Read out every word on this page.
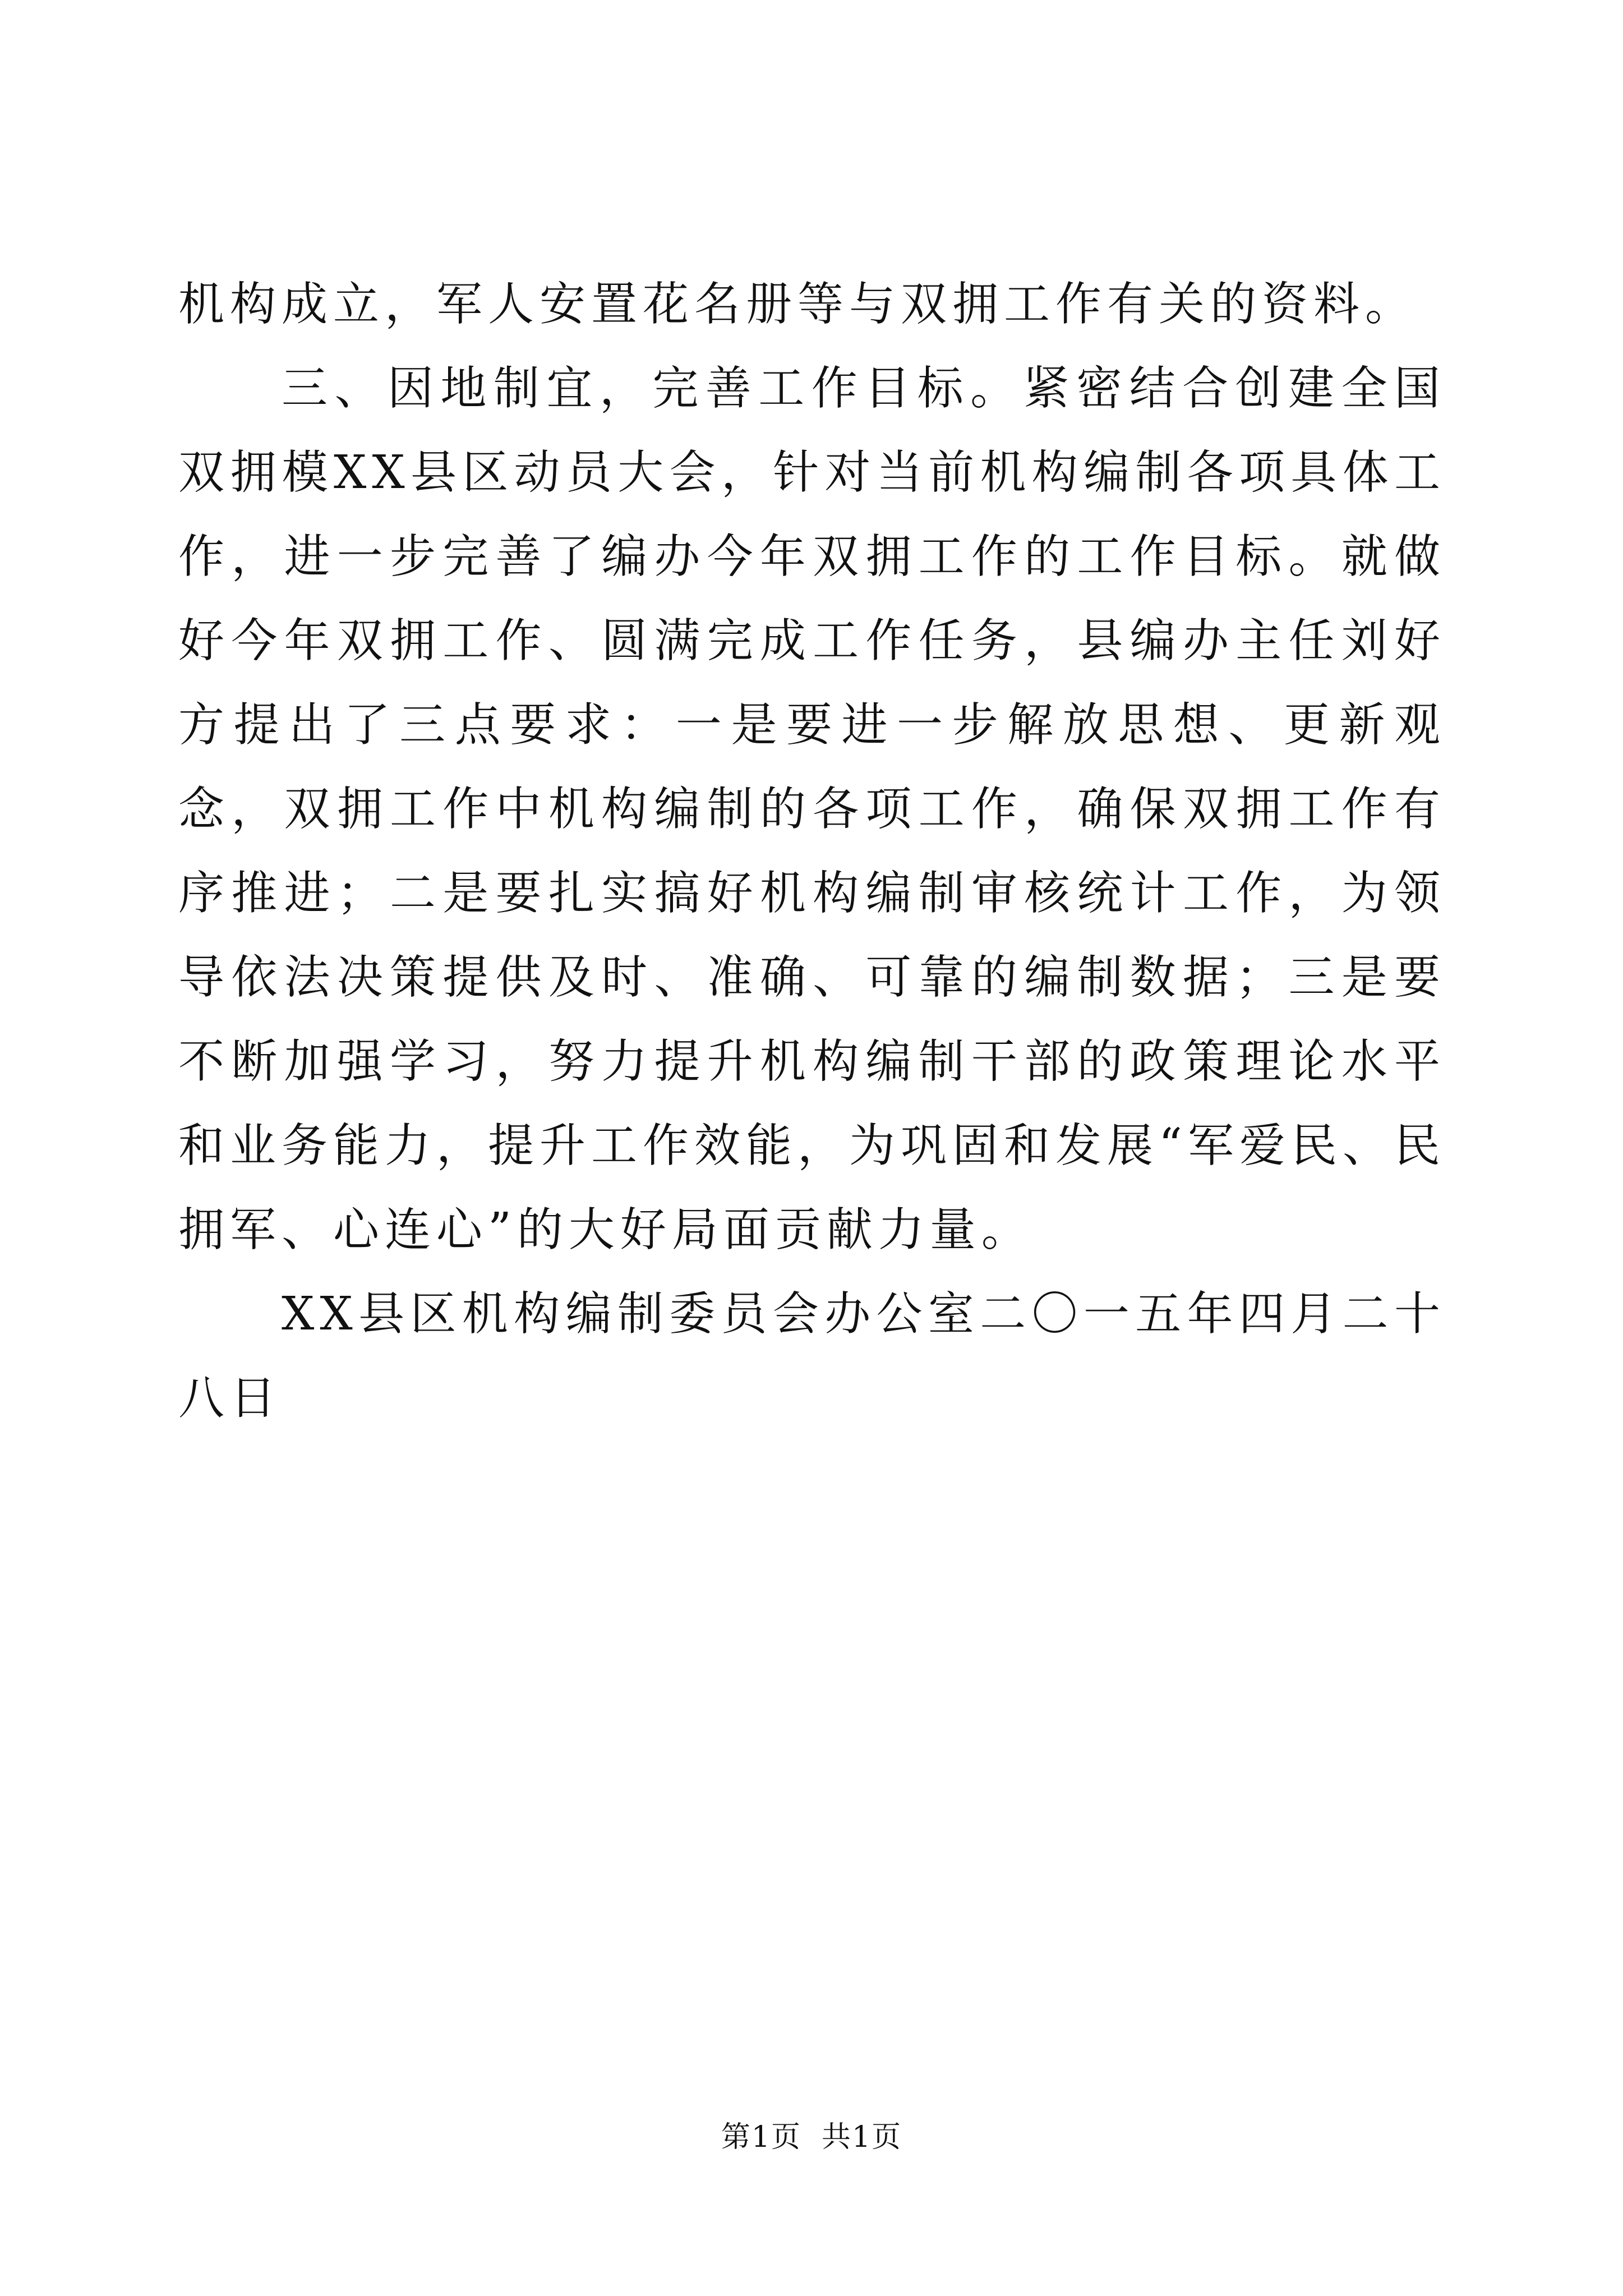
机构成立，军人安置花名册等与双拥工作有关的资料。

三、因地制宜，完善工作目标。紧密结合创建全国双拥模XX县区动员大会，针对当前机构编制各项具体工作，进一步完善了编办今年双拥工作的工作目标。就做好今年双拥工作、圆满完成工作任务，县编办主任刘好方提出了三点要求：一是要进一步解放思想、更新观念，双拥工作中机构编制的各项工作，确保双拥工作有序推进；二是要扎实搞好机构编制审核统计工作，为领导依法决策提供及时、准确、可靠的编制数据；三是要不断加强学习，努力提升机构编制干部的政策理论水平和业务能力，提升工作效能，为巩固和发展“军爱民、民拥军、心连心”的大好局面贡献力量。

XX县区机构编制委员会办公室二〇一五年四月二十八日

第1页 共1页
